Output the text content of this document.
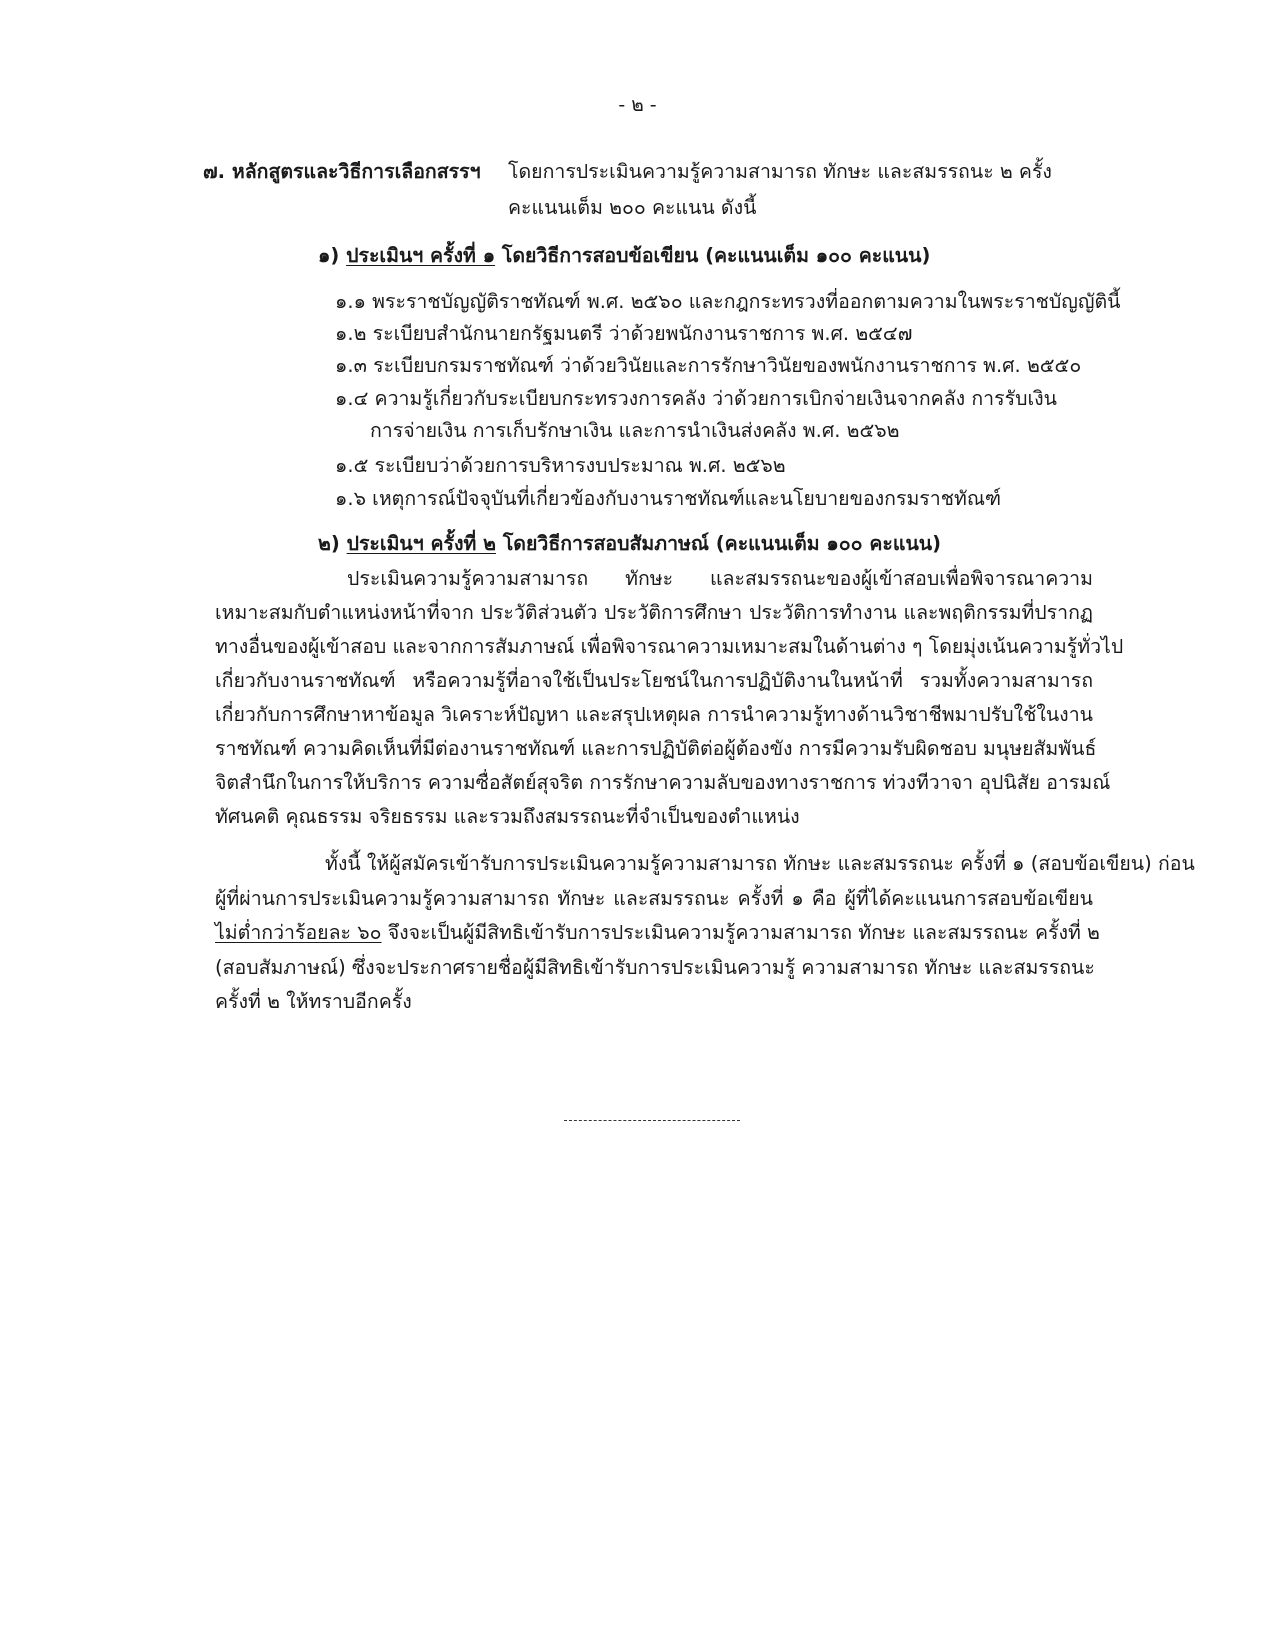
- ๒ -
๗. หลักสูตรและวิธีการเลือกสรรฯ โดยการประเมินความรู้ความสามารถ ทักษะ และสมรรถนะ ๒ ครั้ง
คะแนนเต็ม ๒๐๐ คะแนน ดังนี้
๑) ประเมินฯ ครั้งที่ ๑ โดยวิธีการสอบข้อเขียน (คะแนนเต็ม ๑๐๐ คะแนน)
๑.๑ พระราชบัญญัติราชทัณฑ์ พ.ศ. ๒๕๖๐ และกฎกระทรวงที่ออกตามความในพระราชบัญญัตินี้
๑.๒ ระเบียบสำนักนายกรัฐมนตรี ว่าด้วยพนักงานราชการ พ.ศ. ๒๕๔๗
๑.๓ ระเบียบกรมราชทัณฑ์ ว่าด้วยวินัยและการรักษาวินัยของพนักงานราชการ พ.ศ. ๒๕๕๐
๑.๔ ความรู้เกี่ยวกับระเบียบกระทรวงการคลัง ว่าด้วยการเบิกจ่ายเงินจากคลัง การรับเงิน
การจ่ายเงิน การเก็บรักษาเงิน และการนำเงินส่งคลัง พ.ศ. ๒๕๖๒
๑.๕ ระเบียบว่าด้วยการบริหารงบประมาณ พ.ศ. ๒๕๖๒
๑.๖ เหตุการณ์ปัจจุบันที่เกี่ยวข้องกับงานราชทัณฑ์และนโยบายของกรมราชทัณฑ์
๒) ประเมินฯ ครั้งที่ ๒ โดยวิธีการสอบสัมภาษณ์ (คะแนนเต็ม ๑๐๐ คะแนน)
ประเมินความรู้ความสามารถ ทักษะ และสมรรถนะของผู้เข้าสอบเพื่อพิจารณาความ
เหมาะสมกับตำแหน่งหน้าที่จาก ประวัติส่วนตัว ประวัติการศึกษา ประวัติการทำงาน และพฤติกรรมที่ปรากฏ
ทางอื่นของผู้เข้าสอบ และจากการสัมภาษณ์ เพื่อพิจารณาความเหมาะสมในด้านต่าง ๆ โดยมุ่งเน้นความรู้ทั่วไป
เกี่ยวกับงานราชทัณฑ์ หรือความรู้ที่อาจใช้เป็นประโยชน์ในการปฏิบัติงานในหน้าที่ รวมทั้งความสามารถ
เกี่ยวกับการศึกษาหาข้อมูล วิเคราะห์ปัญหา และสรุปเหตุผล การนำความรู้ทางด้านวิชาชีพมาปรับใช้ในงาน
ราชทัณฑ์ ความคิดเห็นที่มีต่องานราชทัณฑ์ และการปฏิบัติต่อผู้ต้องขัง การมีความรับผิดชอบ มนุษยสัมพันธ์
จิตสำนึกในการให้บริการ ความซื่อสัตย์สุจริต การรักษาความลับของทางราชการ ท่วงทีวาจา อุปนิสัย อารมณ์
ทัศนคติ คุณธรรม จริยธรรม และรวมถึงสมรรถนะที่จำเป็นของตำแหน่ง
ทั้งนี้ ให้ผู้สมัครเข้ารับการประเมินความรู้ความสามารถ ทักษะ และสมรรถนะ ครั้งที่ ๑ (สอบข้อเขียน) ก่อน
ผู้ที่ผ่านการประเมินความรู้ความสามารถ ทักษะ และสมรรถนะ ครั้งที่ ๑ คือ ผู้ที่ได้คะแนนการสอบข้อเขียน
ไม่ต่ำกว่าร้อยละ ๖๐ จึงจะเป็นผู้มีสิทธิเข้ารับการประเมินความรู้ความสามารถ ทักษะ และสมรรถนะ ครั้งที่ ๒
(สอบสัมภาษณ์) ซึ่งจะประกาศรายชื่อผู้มีสิทธิเข้ารับการประเมินความรู้ ความสามารถ ทักษะ และสมรรถนะ
ครั้งที่ ๒ ให้ทราบอีกครั้ง
